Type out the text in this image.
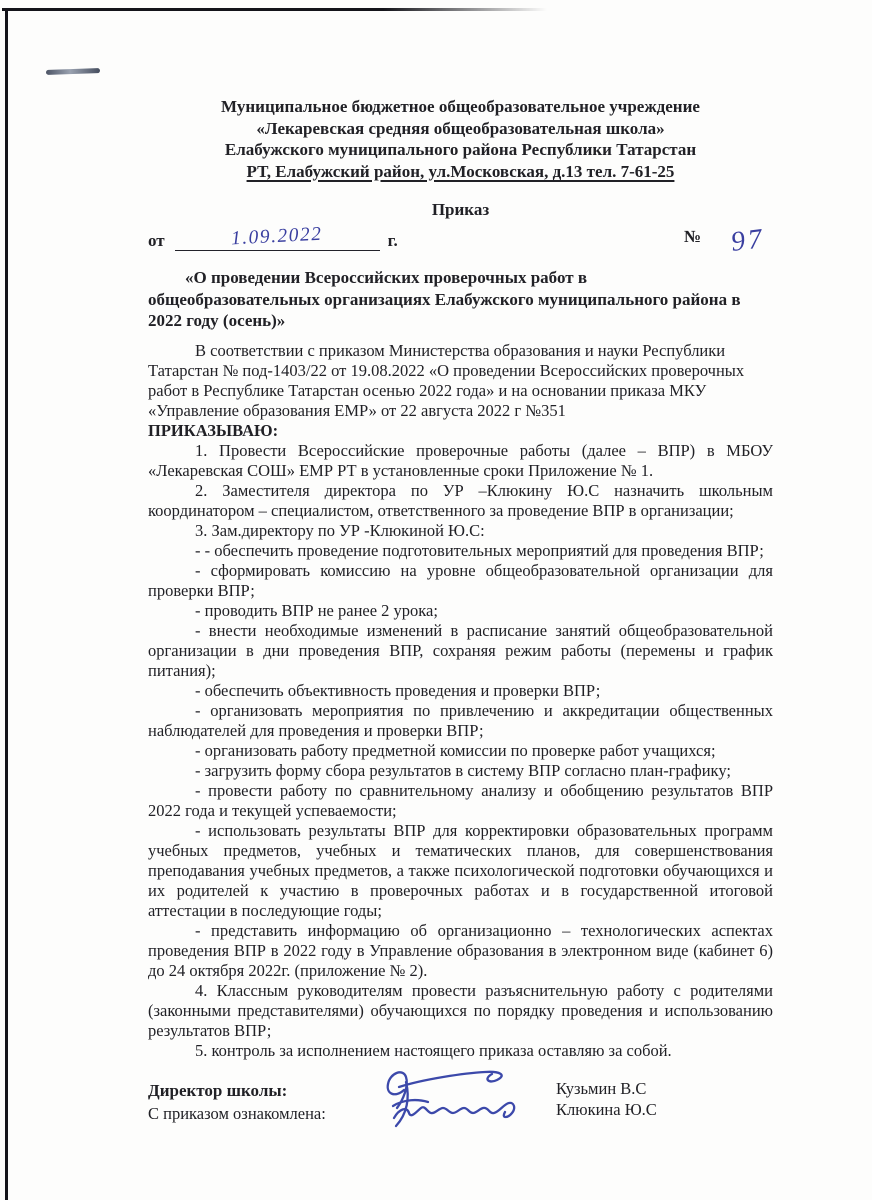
Муниципальное бюджетное общеобразовательное учреждение
«Лекаревская средняя общеобразовательная школа»
Елабужского муниципального района Республики Татарстан
РТ, Елабужский район, ул.Московская, д.13 тел. 7-61-25
Приказ
от	1.09.2022	г.	№	97
«О проведении Всероссийских проверочных работ в
общеобразовательных организациях Елабужского муниципального района в
2022 году (осень)»
В соответствии с приказом Министерства образования и науки Республики Татарстан № под-1403/22 от 19.08.2022 «О проведении Всероссийских проверочных работ в Республике Татарстан осенью 2022 года» и на основании приказа МКУ «Управление образования ЕМР» от 22 августа 2022 г №351
ПРИКАЗЫВАЮ:
1. Провести Всероссийские проверочные работы (далее – ВПР) в МБОУ «Лекаревская СОШ» ЕМР РТ в установленные сроки Приложение № 1.
2. Заместителя директора по УР –Клюкину Ю.С назначить школьным координатором – специалистом, ответственного за проведение ВПР в организации;
3. Зам.директору по УР -Клюкиной Ю.С:
- - обеспечить проведение подготовительных мероприятий для проведения ВПР;
- сформировать комиссию на уровне общеобразовательной организации для проверки ВПР;
- проводить ВПР не ранее 2 урока;
- внести необходимые изменений в расписание занятий общеобразовательной организации в дни проведения ВПР, сохраняя режим работы (перемены и график питания);
- обеспечить объективность проведения и проверки ВПР;
- организовать мероприятия по привлечению и аккредитации общественных наблюдателей для проведения и проверки ВПР;
- организовать работу предметной комиссии по проверке работ учащихся;
- загрузить форму сбора результатов в систему ВПР согласно план-графику;
- провести работу по сравнительному анализу и обобщению результатов ВПР 2022 года и текущей успеваемости;
- использовать результаты ВПР для корректировки образовательных программ учебных предметов, учебных и тематических планов, для совершенствования преподавания учебных предметов, а также психологической подготовки обучающихся и их родителей к участию в проверочных работах и в государственной итоговой аттестации в последующие годы;
- представить информацию об организационно – технологических аспектах проведения ВПР в 2022 году в Управление образования в электронном виде (кабинет 6) до 24 октября 2022г. (приложение № 2).
4. Классным руководителям провести разъяснительную работу с родителями (законными представителями) обучающихся по порядку проведения и использованию результатов ВПР;
5. контроль за исполнением настоящего приказа оставляю за собой.
Директор школы:
С приказом ознакомлена:
Кузьмин В.С
Клюкина Ю.С
